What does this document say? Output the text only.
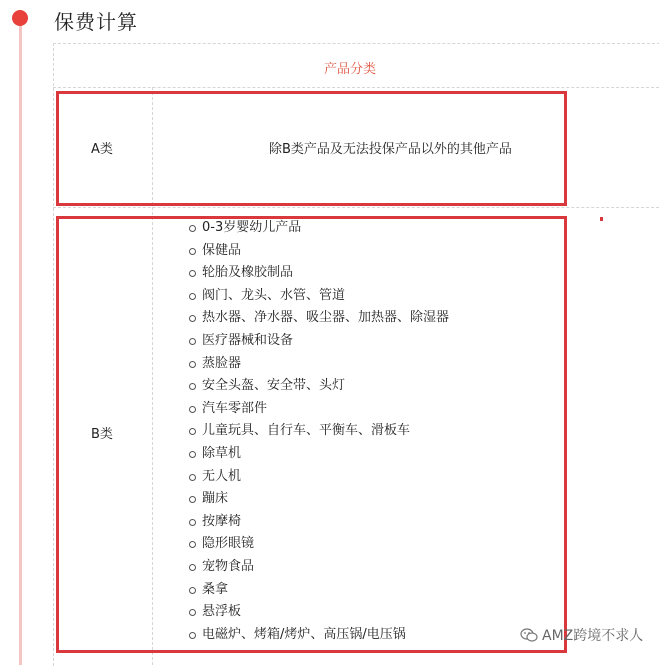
保费计算
产品分类
A类	除B类产品及无法投保产品以外的其他产品
B类
0-3岁婴幼儿产品
保健品
轮胎及橡胶制品
阀门、龙头、水管、管道
热水器、净水器、吸尘器、加热器、除湿器
医疗器械和设备
蒸脸器
安全头盔、安全带、头灯
汽车零部件
儿童玩具、自行车、平衡车、滑板车
除草机
无人机
蹦床
按摩椅
隐形眼镜
宠物食品
桑拿
悬浮板
电磁炉、烤箱/烤炉、高压锅/电压锅	AMZ跨境不求人
